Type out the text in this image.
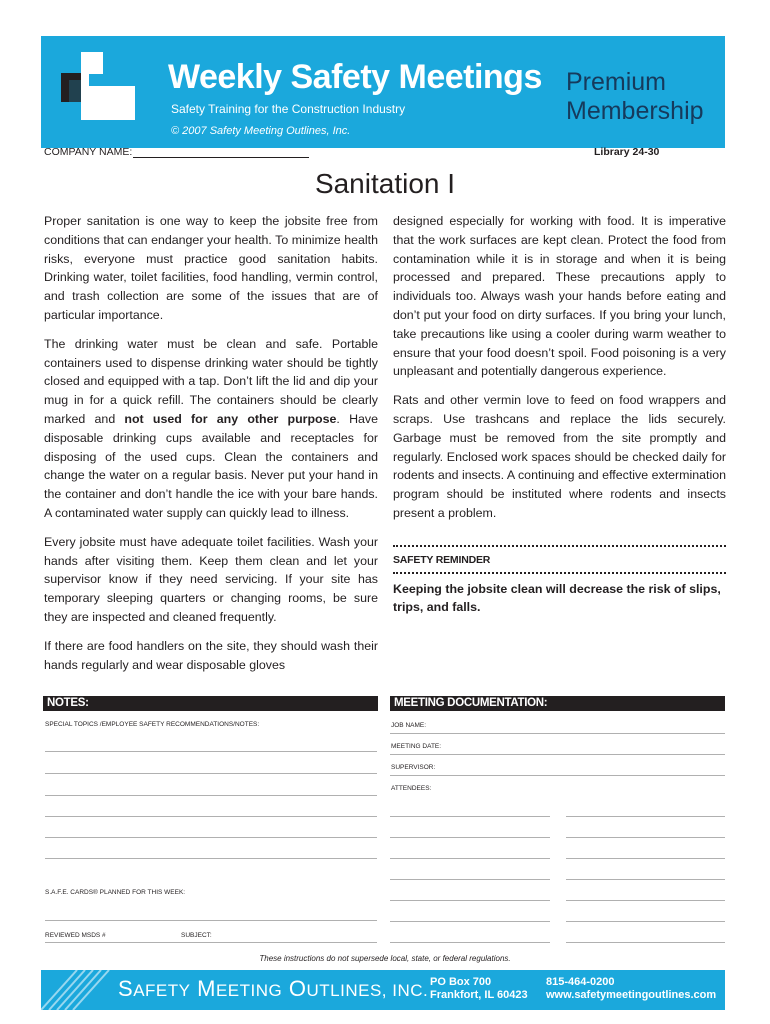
Weekly Safety Meetings Premium
Membership
Safety Training for the Construction Industry
© 2007 Safety Meeting Outlines, Inc.
COMPANY NAME:	Library 24-30
Sanitation I

Proper sanitation is one way to keep the jobsite free from conditions that can endanger your health. To minimize health risks, everyone must practice good sanitation habits. Drinking water, toilet facilities, food handling, vermin control, and trash collection are some of the issues that are of particular importance.

The drinking water must be clean and safe. Portable containers used to dispense drinking water should be tightly closed and equipped with a tap. Don’t lift the lid and dip your mug in for a quick refill. The containers should be clearly marked and not used for any other purpose. Have disposable drinking cups available and receptacles for disposing of the used cups. Clean the containers and change the water on a regular basis. Never put your hand in the container and don’t handle the ice with your bare hands. A contaminated water supply can quickly lead to illness.

Every jobsite must have adequate toilet facilities. Wash your hands after visiting them. Keep them clean and let your supervisor know if they need servicing. If your site has temporary sleeping quarters or changing rooms, be sure they are inspected and cleaned frequently.

If there are food handlers on the site, they should wash their hands regularly and wear disposable gloves

designed especially for working with food. It is imperative that the work surfaces are kept clean. Protect the food from contamination while it is in storage and when it is being processed and prepared. These precautions apply to individuals too. Always wash your hands before eating and don’t put your food on dirty surfaces. If you bring your lunch, take precautions like using a cooler during warm weather to ensure that your food doesn’t spoil. Food poisoning is a very unpleasant and potentially dangerous experience.

Rats and other vermin love to feed on food wrappers and scraps. Use trashcans and replace the lids securely. Garbage must be removed from the site promptly and regularly. Enclosed work spaces should be checked daily for rodents and insects. A continuing and effective extermination program should be instituted where rodents and insects present a problem.

SAFETY REMINDER
Keeping the jobsite clean will decrease the risk of slips, trips, and falls.
NOTES:
SPECIAL TOPICS /EMPLOYEE SAFETY RECOMMENDATIONS/NOTES:
S.A.F.E. CARDS® PLANNED FOR THIS WEEK:
REVIEWED MSDS #	SUBJECT:
MEETING DOCUMENTATION:
JOB NAME:
MEETING DATE:
SUPERVISOR:
ATTENDEES:
These instructions do not supersede local, state, or federal regulations.
SAFETY MEETING OUTLINES, INC. PO Box 700
Frankfort, IL 60423
815-464-0200
www.safetymeetingoutlines.com
